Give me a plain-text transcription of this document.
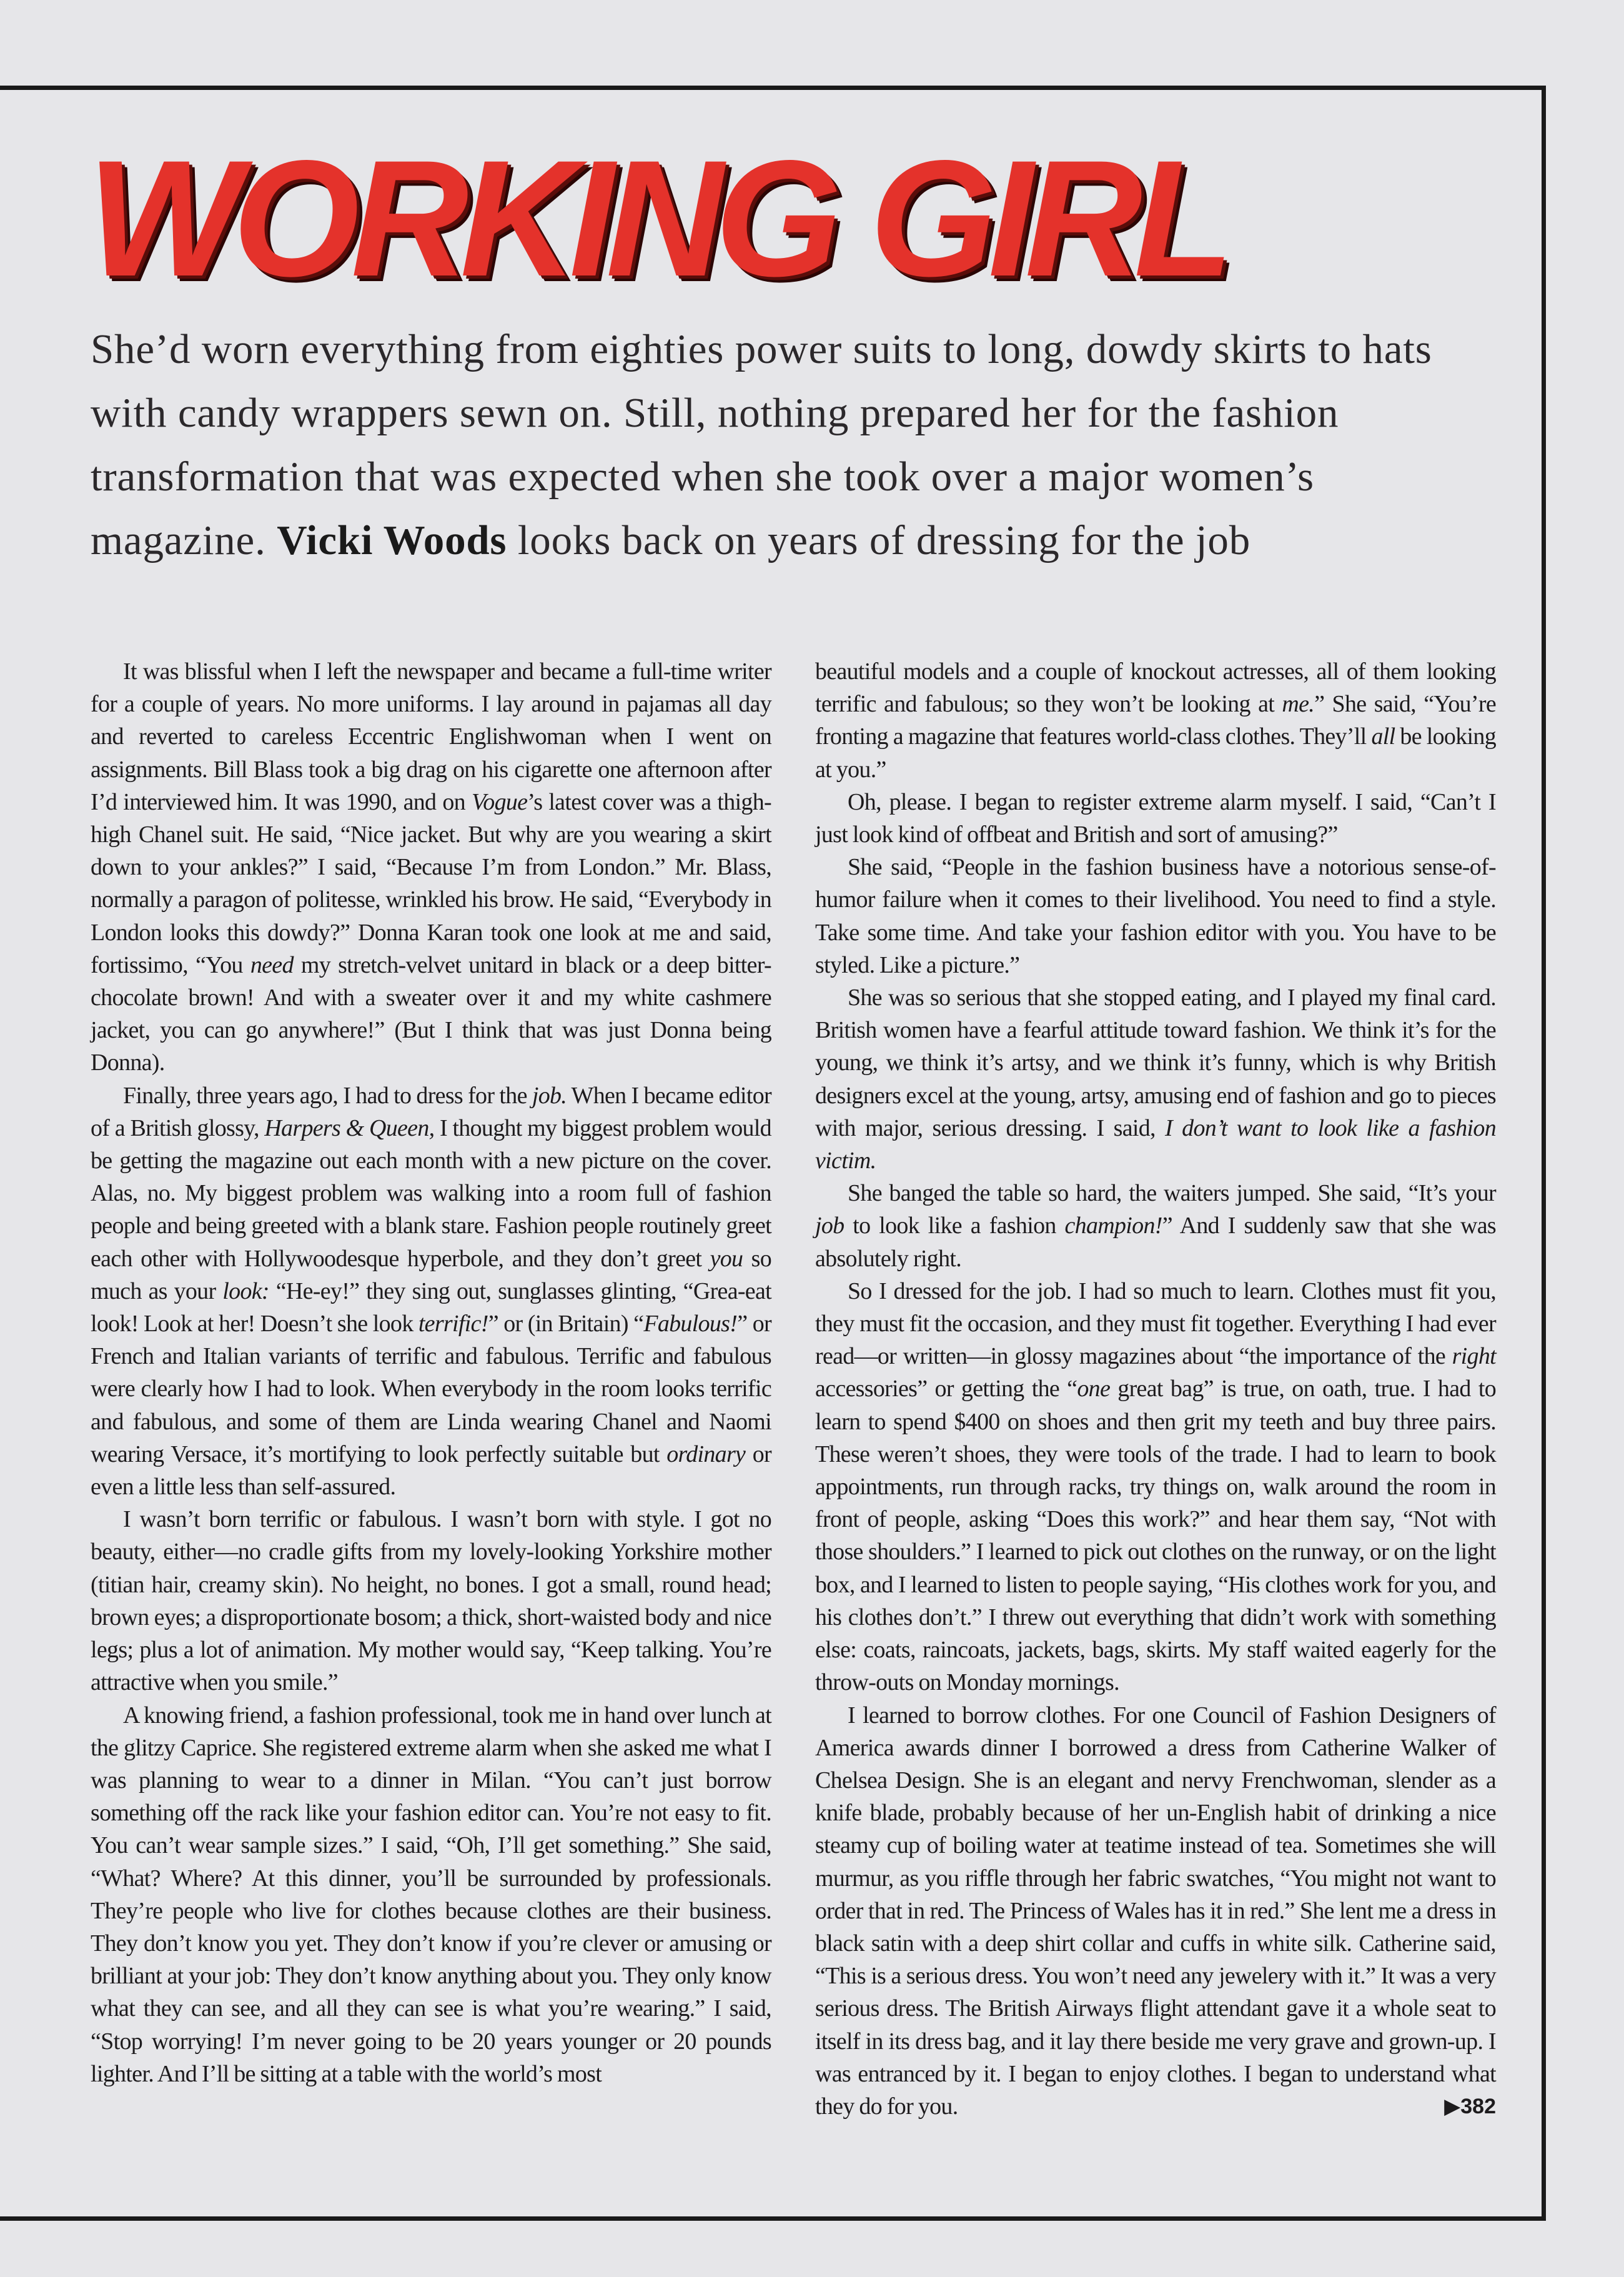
WORKING GIRL

She’d worn everything from eighties power suits to long, dowdy skirts to hats with candy wrappers sewn on. Still, nothing prepared her for the fashion transformation that was expected when she took over a major women’s magazine. Vicki Woods looks back on years of dressing for the job

It was blissful when I left the newspaper and became a full-time writer for a couple of years. No more uniforms. I lay around in pajamas all day and reverted to careless Eccentric Englishwoman when I went on assignments. Bill Blass took a big drag on his cigarette one afternoon after I’d interviewed him. It was 1990, and on Vogue’s latest cover was a thigh-high Chanel suit. He said, “Nice jacket. But why are you wearing a skirt down to your ankles?” I said, “Because I’m from London.” Mr. Blass, normally a paragon of politesse, wrinkled his brow. He said, “Everybody in London looks this dowdy?” Donna Karan took one look at me and said, fortissimo, “You need my stretch-velvet unitard in black or a deep bitter-chocolate brown! And with a sweater over it and my white cashmere jacket, you can go anywhere!” (But I think that was just Donna being Donna).

Finally, three years ago, I had to dress for the job. When I became editor of a British glossy, Harpers & Queen, I thought my biggest problem would be getting the magazine out each month with a new picture on the cover. Alas, no. My biggest problem was walking into a room full of fashion people and being greeted with a blank stare. Fashion people routinely greet each other with Hollywoodesque hyperbole, and they don’t greet you so much as your look: “He-ey!” they sing out, sunglasses glinting, “Grea-eat look! Look at her! Doesn’t she look terrific!” or (in Britain) “Fabulous!” or French and Italian variants of terrific and fabulous. Terrific and fabulous were clearly how I had to look. When everybody in the room looks terrific and fabulous, and some of them are Linda wearing Chanel and Naomi wearing Versace, it’s mortifying to look perfectly suitable but ordinary or even a little less than self-assured.

I wasn’t born terrific or fabulous. I wasn’t born with style. I got no beauty, either—no cradle gifts from my lovely-looking Yorkshire mother (titian hair, creamy skin). No height, no bones. I got a small, round head; brown eyes; a disproportionate bosom; a thick, short-waisted body and nice legs; plus a lot of animation. My mother would say, “Keep talking. You’re attractive when you smile.”

A knowing friend, a fashion professional, took me in hand over lunch at the glitzy Caprice. She registered extreme alarm when she asked me what I was planning to wear to a dinner in Milan. “You can’t just borrow something off the rack like your fashion editor can. You’re not easy to fit. You can’t wear sample sizes.” I said, “Oh, I’ll get something.” She said, “What? Where? At this dinner, you’ll be surrounded by professionals. They’re people who live for clothes because clothes are their business. They don’t know you yet. They don’t know if you’re clever or amusing or brilliant at your job: They don’t know anything about you. They only know what they can see, and all they can see is what you’re wearing.” I said, “Stop worrying! I’m never going to be 20 years younger or 20 pounds lighter. And I’ll be sitting at a table with the world’s most

beautiful models and a couple of knockout actresses, all of them looking terrific and fabulous; so they won’t be looking at me.” She said, “You’re fronting a magazine that features world-class clothes. They’ll all be looking at you.”

Oh, please. I began to register extreme alarm myself. I said, “Can’t I just look kind of offbeat and British and sort of amusing?”

She said, “People in the fashion business have a notorious sense-of-humor failure when it comes to their livelihood. You need to find a style. Take some time. And take your fashion editor with you. You have to be styled. Like a picture.”

She was so serious that she stopped eating, and I played my final card. British women have a fearful attitude toward fashion. We think it’s for the young, we think it’s artsy, and we think it’s funny, which is why British designers excel at the young, artsy, amusing end of fashion and go to pieces with major, serious dressing. I said, I don’t want to look like a fashion victim.

She banged the table so hard, the waiters jumped. She said, “It’s your job to look like a fashion champion!” And I suddenly saw that she was absolutely right.

So I dressed for the job. I had so much to learn. Clothes must fit you, they must fit the occasion, and they must fit together. Everything I had ever read—or written—in glossy magazines about “the importance of the right accessories” or getting the “one great bag” is true, on oath, true. I had to learn to spend $400 on shoes and then grit my teeth and buy three pairs. These weren’t shoes, they were tools of the trade. I had to learn to book appointments, run through racks, try things on, walk around the room in front of people, asking “Does this work?” and hear them say, “Not with those shoulders.” I learned to pick out clothes on the runway, or on the light box, and I learned to listen to people saying, “His clothes work for you, and his clothes don’t.” I threw out everything that didn’t work with something else: coats, raincoats, jackets, bags, skirts. My staff waited eagerly for the throw-outs on Monday mornings.

I learned to borrow clothes. For one Council of Fashion Designers of America awards dinner I borrowed a dress from Catherine Walker of Chelsea Design. She is an elegant and nervy Frenchwoman, slender as a knife blade, probably because of her un-English habit of drinking a nice steamy cup of boiling water at teatime instead of tea. Sometimes she will murmur, as you riffle through her fabric swatches, “You might not want to order that in red. The Princess of Wales has it in red.” She lent me a dress in black satin with a deep shirt collar and cuffs in white silk. Catherine said, “This is a serious dress. You won’t need any jewelery with it.” It was a very serious dress. The British Airways flight attendant gave it a whole seat to itself in its dress bag, and it lay there beside me very grave and grown-up. I was entranced by it. I began to enjoy clothes. I began to understand what they do for you.	▶382
